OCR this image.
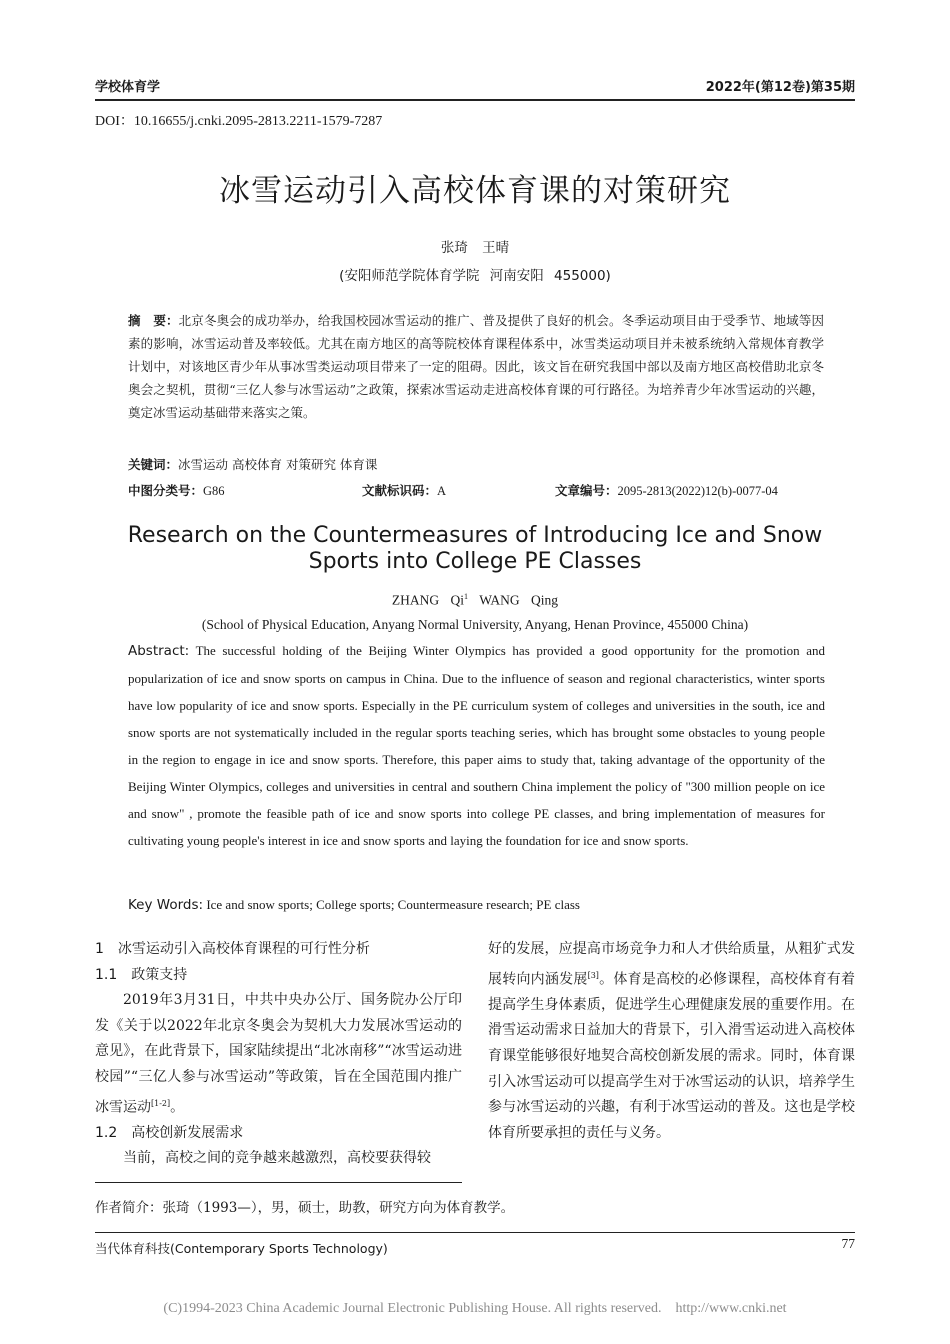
学校体育学	2022年(第12卷)第35期
DOI：10.16655/j.cnki.2095-2813.2211-1579-7287
冰雪运动引入高校体育课的对策研究
张琦 王晴
(安阳师范学院体育学院 河南安阳 455000)
摘　要：北京冬奥会的成功举办，给我国校园冰雪运动的推广、普及提供了良好的机会。冬季运动项目由于受季节、地域等因素的影响，冰雪运动普及率较低。尤其在南方地区的高等院校体育课程体系中，冰雪类运动项目并未被系统纳入常规体育教学计划中，对该地区青少年从事冰雪类运动项目带来了一定的阻碍。因此，该文旨在研究我国中部以及南方地区高校借助北京冬奥会之契机，贯彻“三亿人参与冰雪运动”之政策，探索冰雪运动走进高校体育课的可行路径。为培养青少年冰雪运动的兴趣，奠定冰雪运动基础带来落实之策。
关键词：冰雪运动 高校体育 对策研究 体育课
中图分类号：G86	文献标识码：A	文章编号：2095-2813(2022)12(b)-0077-04
Research on the Countermeasures of Introducing Ice and Snow
Sports into College PE Classes
ZHANG Qi$^1$ WANG Qing
(School of Physical Education, Anyang Normal University, Anyang, Henan Province, 455000 China)
Abstract: The successful holding of the Beijing Winter Olympics has provided a good opportunity for the promotion and popularization of ice and snow sports on campus in China. Due to the influence of season and regional characteristics, winter sports have low popularity of ice and snow sports. Especially in the PE curriculum system of colleges and universities in the south, ice and snow sports are not systematically included in the regular sports teaching series, which has brought some obstacles to young people in the region to engage in ice and snow sports. Therefore, this paper aims to study that, taking advantage of the opportunity of the Beijing Winter Olympics, colleges and universities in central and southern China implement the policy of "300 million people on ice and snow" , promote the feasible path of ice and snow sports into college PE classes, and bring implementation of measures for cultivating young people's interest in ice and snow sports and laying the foundation for ice and snow sports.
Key Words: Ice and snow sports; College sports; Countermeasure research; PE class
1　冰雪运动引入高校体育课程的可行性分析
1.1　政策支持

2019年3月31日，中共中央办公厅、国务院办公厅印发《关于以2022年北京冬奥会为契机大力发展冰雪运动的意见》，在此背景下，国家陆续提出“北冰南移”“冰雪运动进校园”“三亿人参与冰雪运动”等政策，旨在全国范围内推广冰雪运动[1-2]。

1.2　高校创新发展需求

当前，高校之间的竞争越来越激烈，高校要获得较

好的发展，应提高市场竞争力和人才供给质量，从粗犷式发展转向内涵发展[3]。体育是高校的必修课程，高校体育有着提高学生身体素质，促进学生心理健康发展的重要作用。在滑雪运动需求日益加大的背景下，引入滑雪运动进入高校体育课堂能够很好地契合高校创新发展的需求。同时，体育课引入冰雪运动可以提高学生对于冰雪运动的认识，培养学生参与冰雪运动的兴趣，有利于冰雪运动的普及。这也是学校体育所要承担的责任与义务。

作者简介：张琦（1993—），男，硕士，助教，研究方向为体育教学。
当代体育科技(Contemporary Sports Technology)	77
(C)1994-2023 China Academic Journal Electronic Publishing House. All rights reserved.　http://www.cnki.net
